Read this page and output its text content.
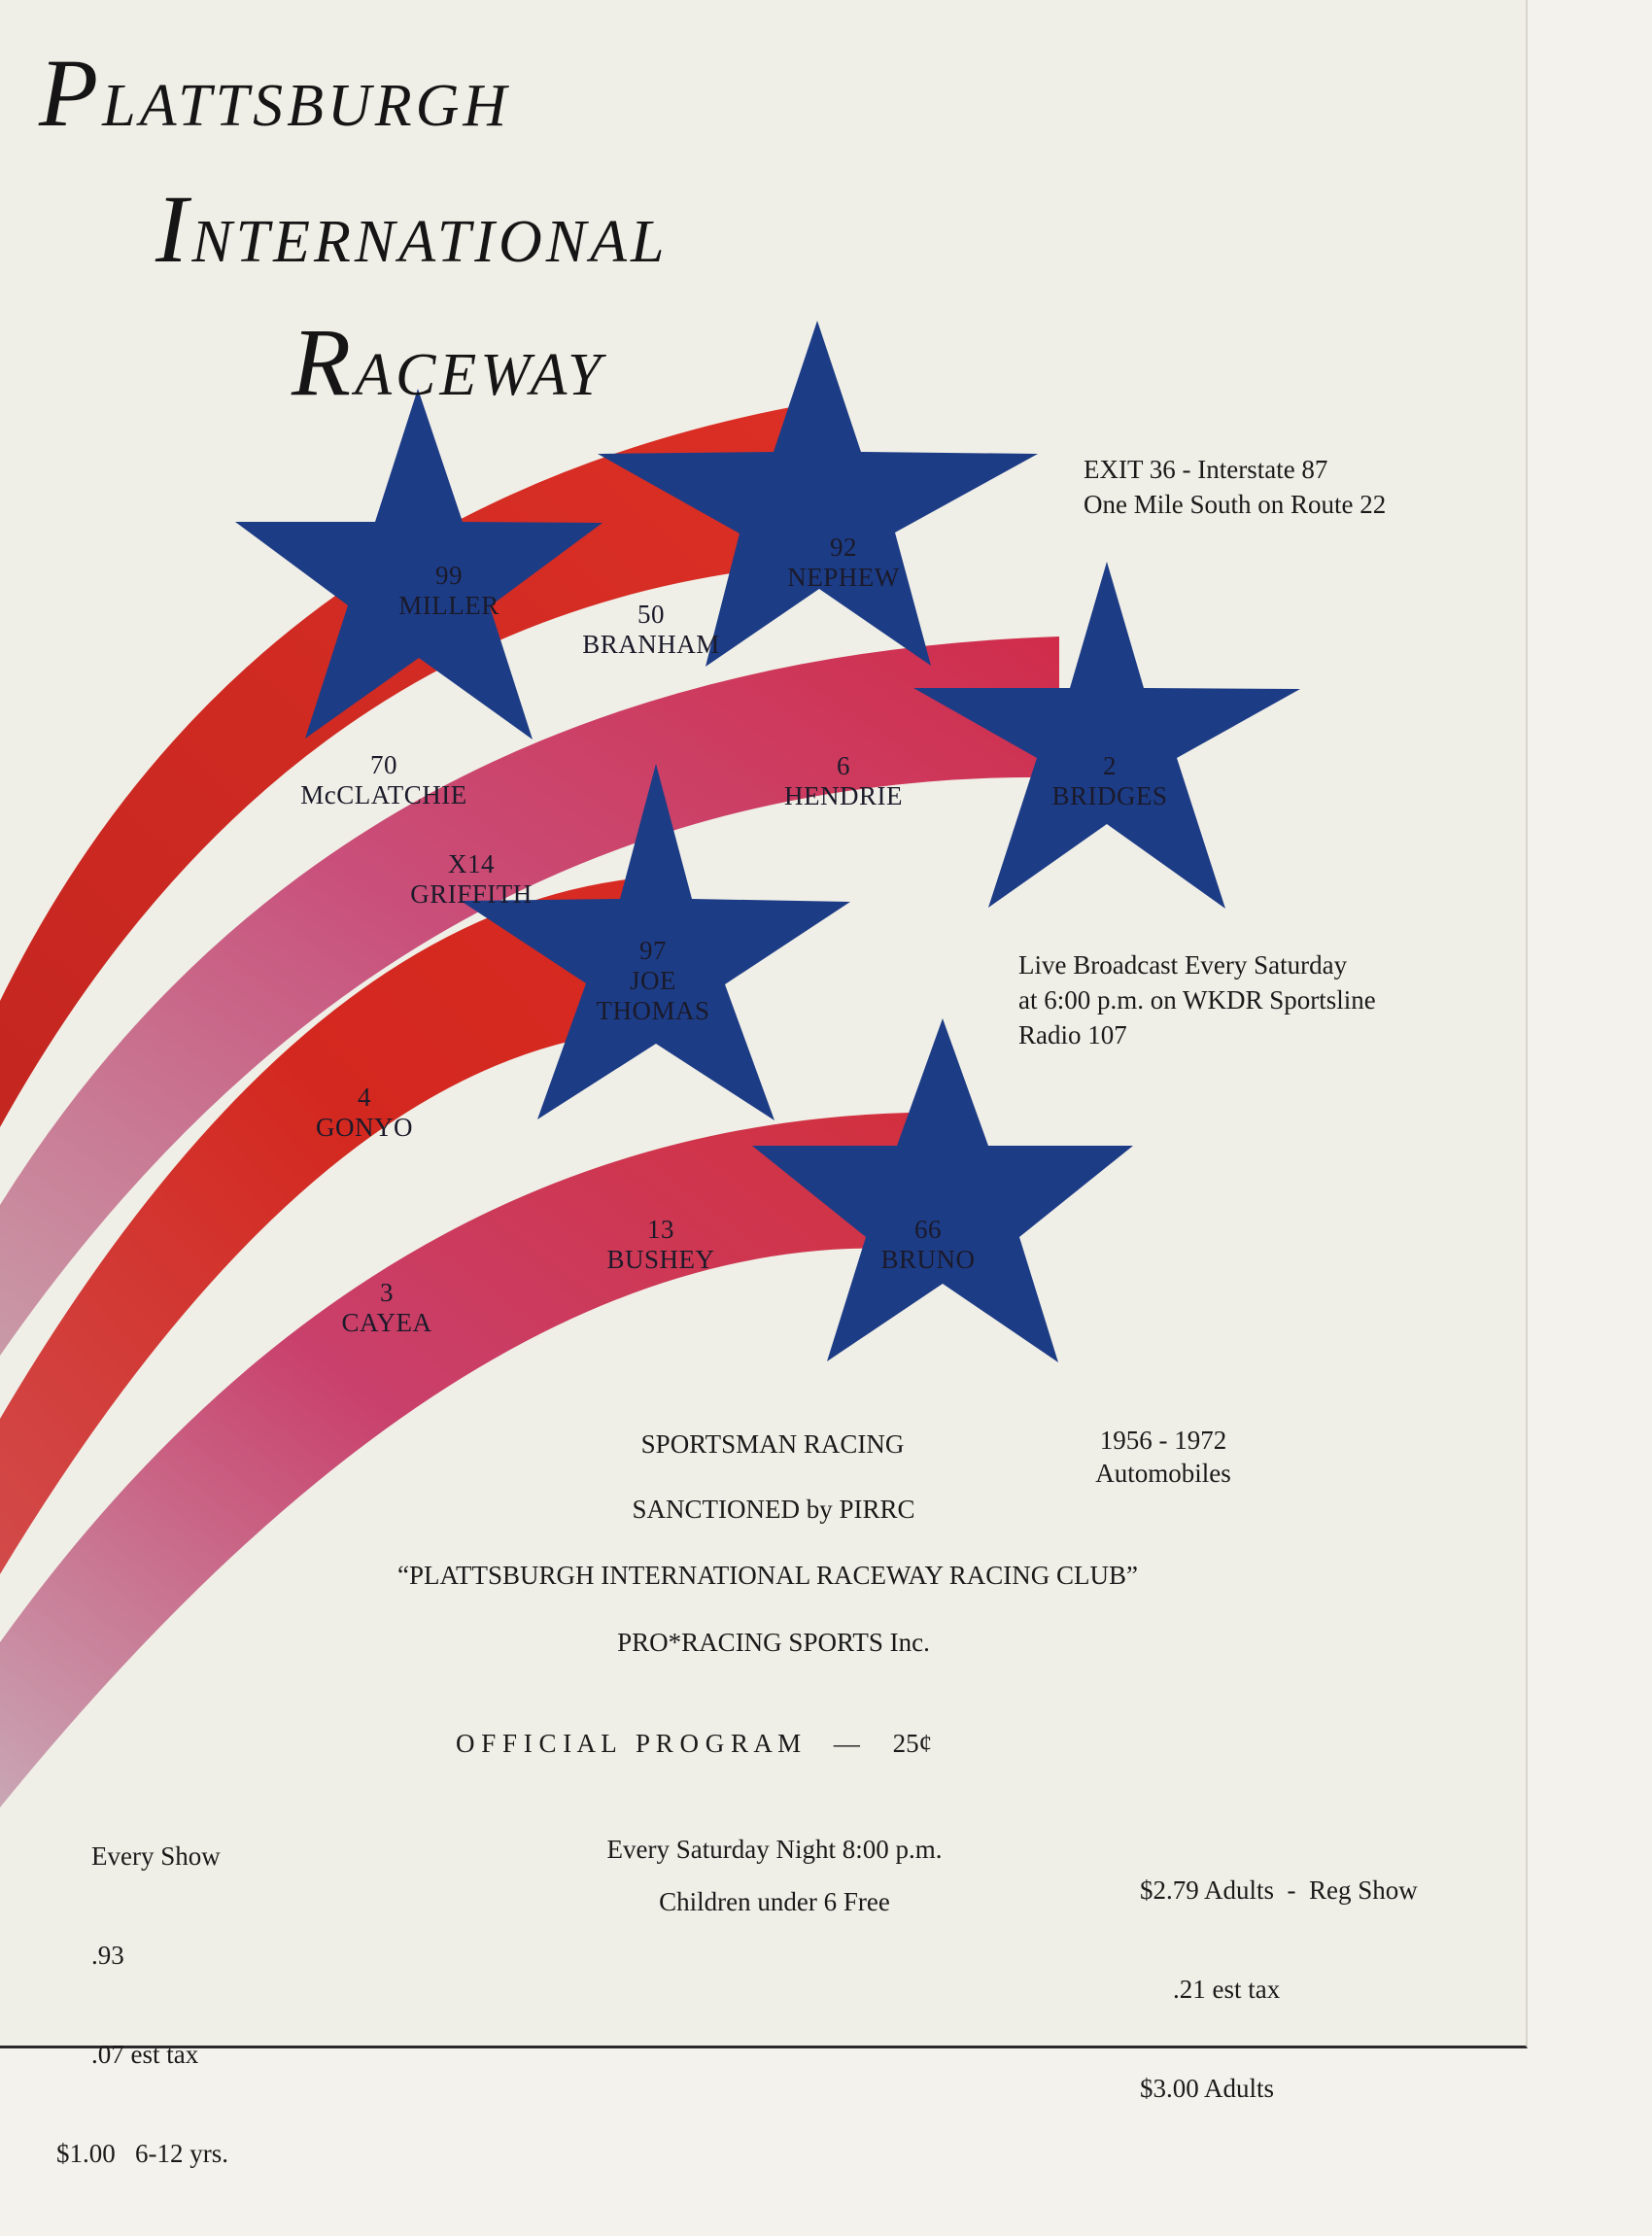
PLATTSBURGH
INTERNATIONAL
RACEWAY
EXIT 36 - Interstate 87
One Mile South on Route 22
Live Broadcast Every Saturday
at 6:00 p.m. on WKDR Sportsline
Radio 107
99
MILLER
92
NEPHEW
50
BRANHAM
70
McCLATCHIE
6
HENDRIE
2
BRIDGES
X14
GRIFFITH
97
JOE
THOMAS
4
GONYO
13
BUSHEY
66
BRUNO
3
CAYEA
SPORTSMAN RACING	1956 - 1972
Automobiles
SANCTIONED by PIRRC
“PLATTSBURGH INTERNATIONAL RACEWAY RACING CLUB”
PRO*RACING SPORTS Inc.

O F F I C I A L   P R O G R A M — 25¢

Every Show

.93

.07 est tax

$1.00   6-12 yrs.

Every Saturday Night 8:00 p.m.
Children under 6 Free

	$2.79 Adults  -  Reg Show

.21 est tax

$3.00 Adults
